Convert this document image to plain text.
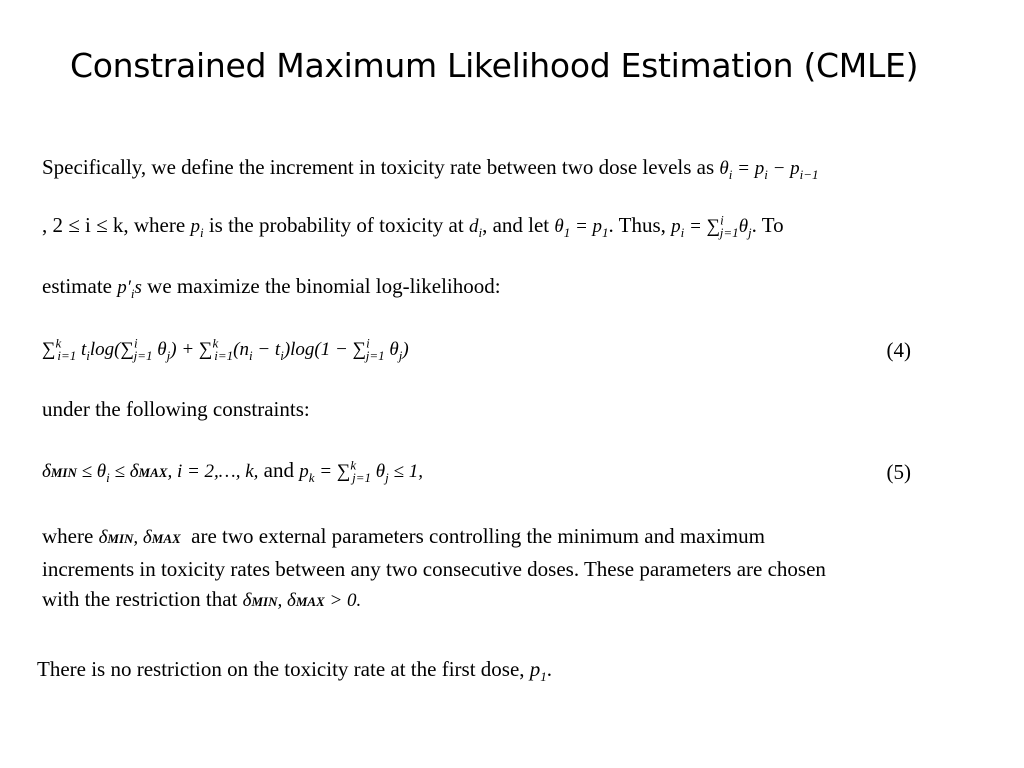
Constrained Maximum Likelihood Estimation (CMLE)
Specifically, we define the increment in toxicity rate between two dose levels as $\theta_i = p_i - p_{i-1}$
, 2 ≤ i ≤ k, where $p_i$ is the probability of toxicity at $d_i$, and let $\theta_1 = p_1$. Thus, $p_i = \sum^i_{j=1}\theta_j$. To
estimate $p'_is$ we maximize the binomial log-likelihood:
∑$^k_{i=1}$ $t_i\log(\sum^i_{j=1}$ $\theta_j) + \sum^k_{i=1}(n_i - t_i)\log(1 - \sum^i_{j=1}$ $\theta_j$)	(4)
under the following constraints:
$\delta MIN \le \theta_i \le \delta MAX$, i = 2,…, k, and $p_k = \sum^k_{j=1}$ $\theta_j \le 1$,	(5)
where δMIN, δMAX are two external parameters controlling the minimum and maximum
increments in toxicity rates between any two consecutive doses. These parameters are chosen
with the restriction that δMIN, δMAX > 0.
There is no restriction on the toxicity rate at the first dose, $p_1$.
